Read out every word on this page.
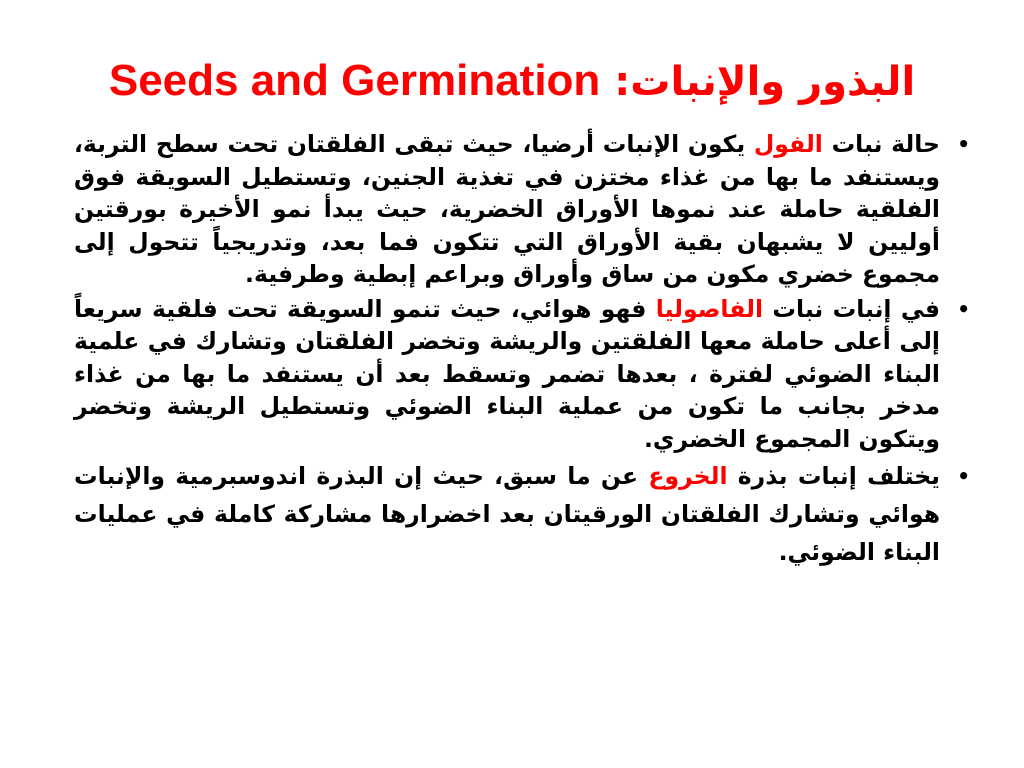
Seeds and Germination البذور والإنبات:
•
حالة نبات الفول يكون الإنبات أرضيا، حيث تبقى الفلقتان تحت سطح التربة، ويستنفد ما بها من غذاء مختزن في تغذية الجنين، وتستطيل السويقة فوق الفلقية حاملة عند نموها الأوراق الخضرية، حيث يبدأ نمو الأخيرة بورقتين أوليين لا يشبهان بقية الأوراق التي تتكون فما بعد، وتدريجياً تتحول إلى مجموع خضري مكون من ساق وأوراق وبراعم إبطية وطرفية.
•
في إنبات نبات الفاصوليا فهو هوائي، حيث تنمو السويقة تحت فلقية سريعاً إلى أعلى حاملة معها الفلقتين والريشة وتخضر الفلقتان وتشارك في علمية البناء الضوئي لفترة ، بعدها تضمر وتسقط بعد أن يستنفد ما بها من غذاء مدخر بجانب ما تكون من عملية البناء الضوئي وتستطيل الريشة وتخضر ويتكون المجموع الخضري.
•
يختلف إنبات بذرة الخروع عن ما سبق، حيث إن البذرة اندوسبرمية والإنبات هوائي وتشارك الفلقتان الورقيتان بعد اخضرارها مشاركة كاملة في عمليات البناء الضوئي.
